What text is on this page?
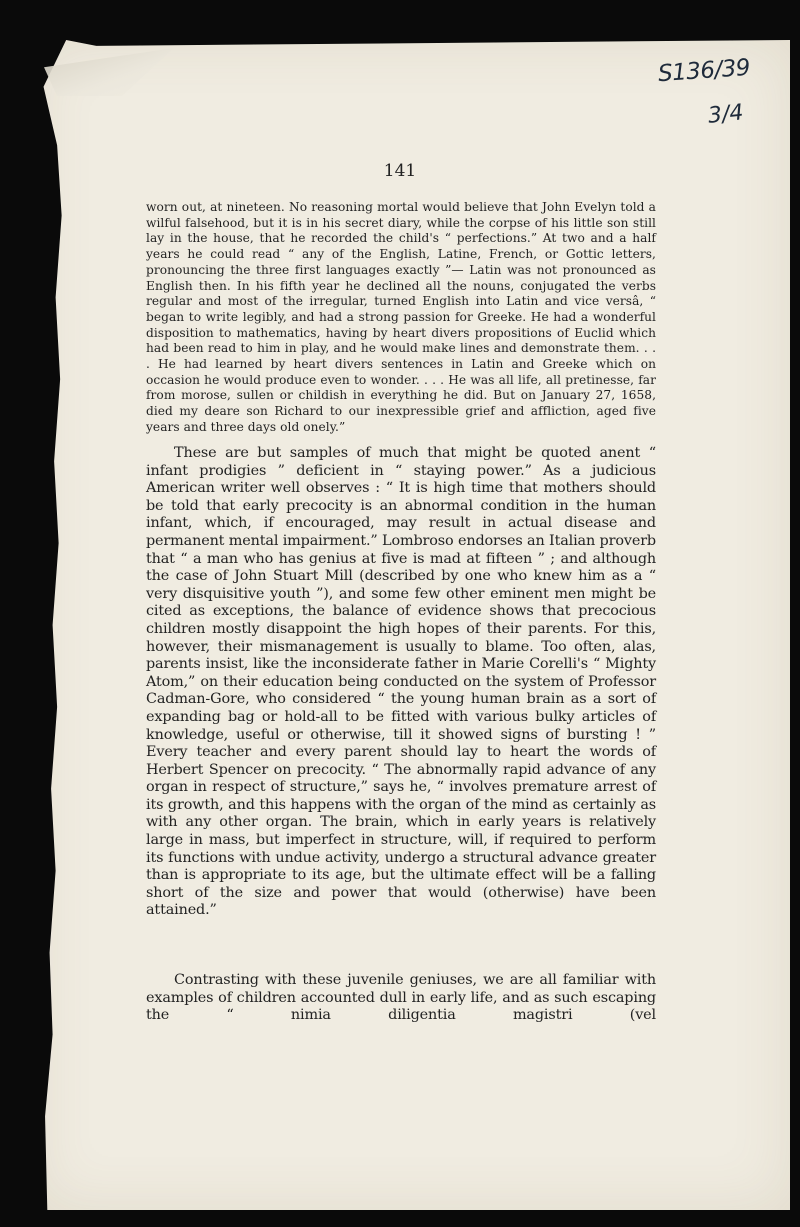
S136/39
3/4
141

worn out, at nineteen. No reasoning mortal would believe that John Evelyn told a wilful falsehood, but it is in his secret diary, while the corpse of his little son still lay in the house, that he recorded the child's “ perfections.” At two and a half years he could read “ any of the English, Latine, French, or Gottic letters, pronouncing the three first languages exactly ”— Latin was not pronounced as English then. In his fifth year he declined all the nouns, conjugated the verbs regular and most of the irregular, turned English into Latin and vice versâ, “ began to write legibly, and had a strong passion for Greeke. He had a wonderful disposition to mathematics, having by heart divers propositions of Euclid which had been read to him in play, and he would make lines and demonstrate them. . . . He had learned by heart divers sentences in Latin and Greeke which on occasion he would produce even to wonder. . . . He was all life, all pretinesse, far from morose, sullen or childish in everything he did. But on January 27, 1658, died my deare son Richard to our inexpressible grief and affliction, aged five years and three days old onely.”

These are but samples of much that might be quoted anent “ infant prodigies ” deficient in “ staying power.” As a judicious American writer well observes : “ It is high time that mothers should be told that early precocity is an abnormal condition in the human infant, which, if encouraged, may result in actual disease and permanent mental impairment.” Lombroso endorses an Italian proverb that “ a man who has genius at five is mad at fifteen ” ; and although the case of John Stuart Mill (described by one who knew him as a “ very disquisitive youth ”), and some few other eminent men might be cited as exceptions, the balance of evidence shows that precocious children mostly disappoint the high hopes of their parents. For this, however, their mismanagement is usually to blame. Too often, alas, parents insist, like the inconsiderate father in Marie Corelli's “ Mighty Atom,” on their education being conducted on the system of Professor Cadman-Gore, who considered “ the young human brain as a sort of expanding bag or hold-all to be fitted with various bulky articles of knowledge, useful or otherwise, till it showed signs of bursting ! ” Every teacher and every parent should lay to heart the words of Herbert Spencer on precocity. “ The abnormally rapid advance of any organ in respect of structure,” says he, “ involves premature arrest of its growth, and this happens with the organ of the mind as certainly as with any other organ. The brain, which in early years is relatively large in mass, but imperfect in structure, will, if required to perform its functions with undue activity, undergo a structural advance greater than is appropriate to its age, but the ultimate effect will be a falling short of the size and power that would (otherwise) have been attained.”

Contrasting with these juvenile geniuses, we are all familiar with examples of children accounted dull in early life, and as such escaping the “ nimia diligentia magistri (vel
